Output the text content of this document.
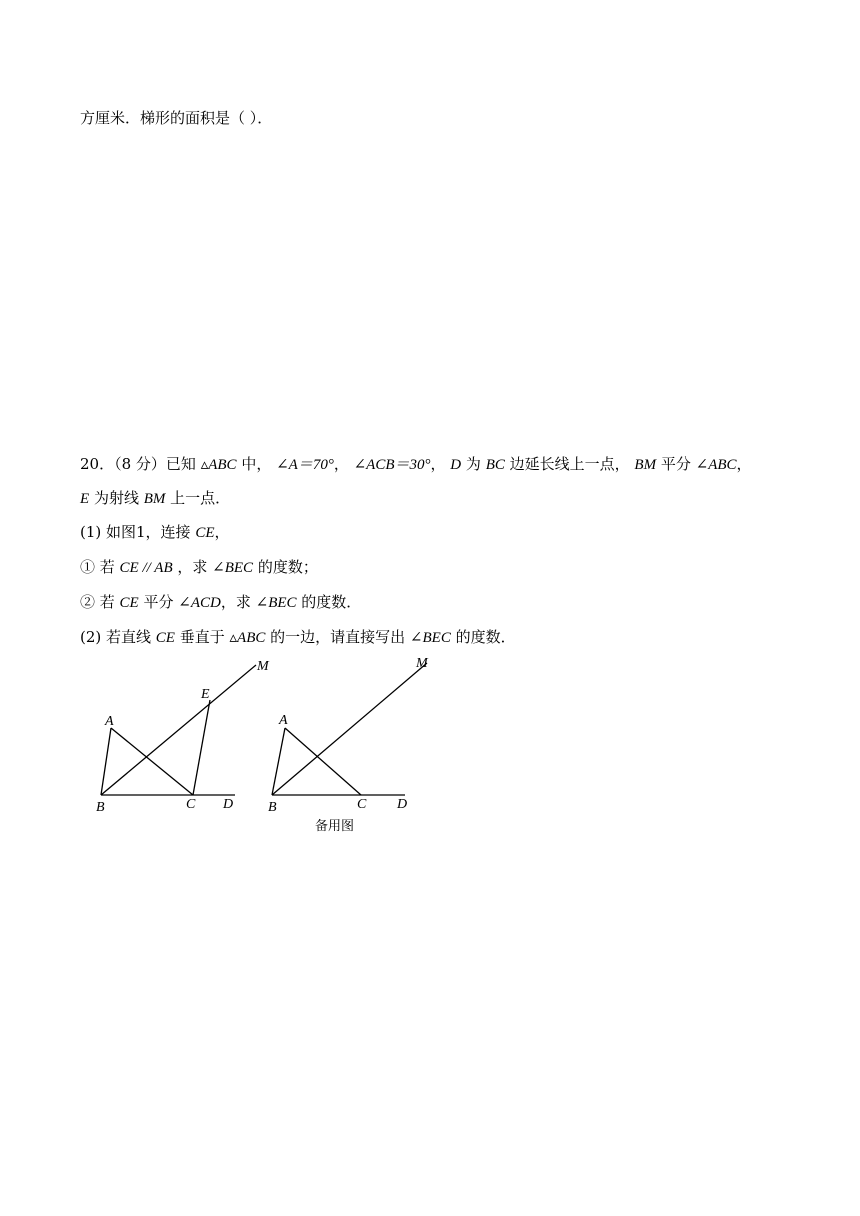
方厘米．梯形的面积是（ ）．
20．（8 分）已知 ▵ABC 中， ∠A＝70°， ∠ACB＝30°， D 为 BC 边延长线上一点， BM 平分 ∠ABC，
E 为射线 BM 上一点．
(1) 如图1，连接 CE，
① 若 CE // AB ，求 ∠BEC 的度数；
② 若 CE 平分 ∠ACD，求 ∠BEC 的度数．
(2) 若直线 CE 垂直于 ▵ABC 的一边，请直接写出 ∠BEC 的度数．
A
B	C D
E
M
A
B	C D
M
备用图
